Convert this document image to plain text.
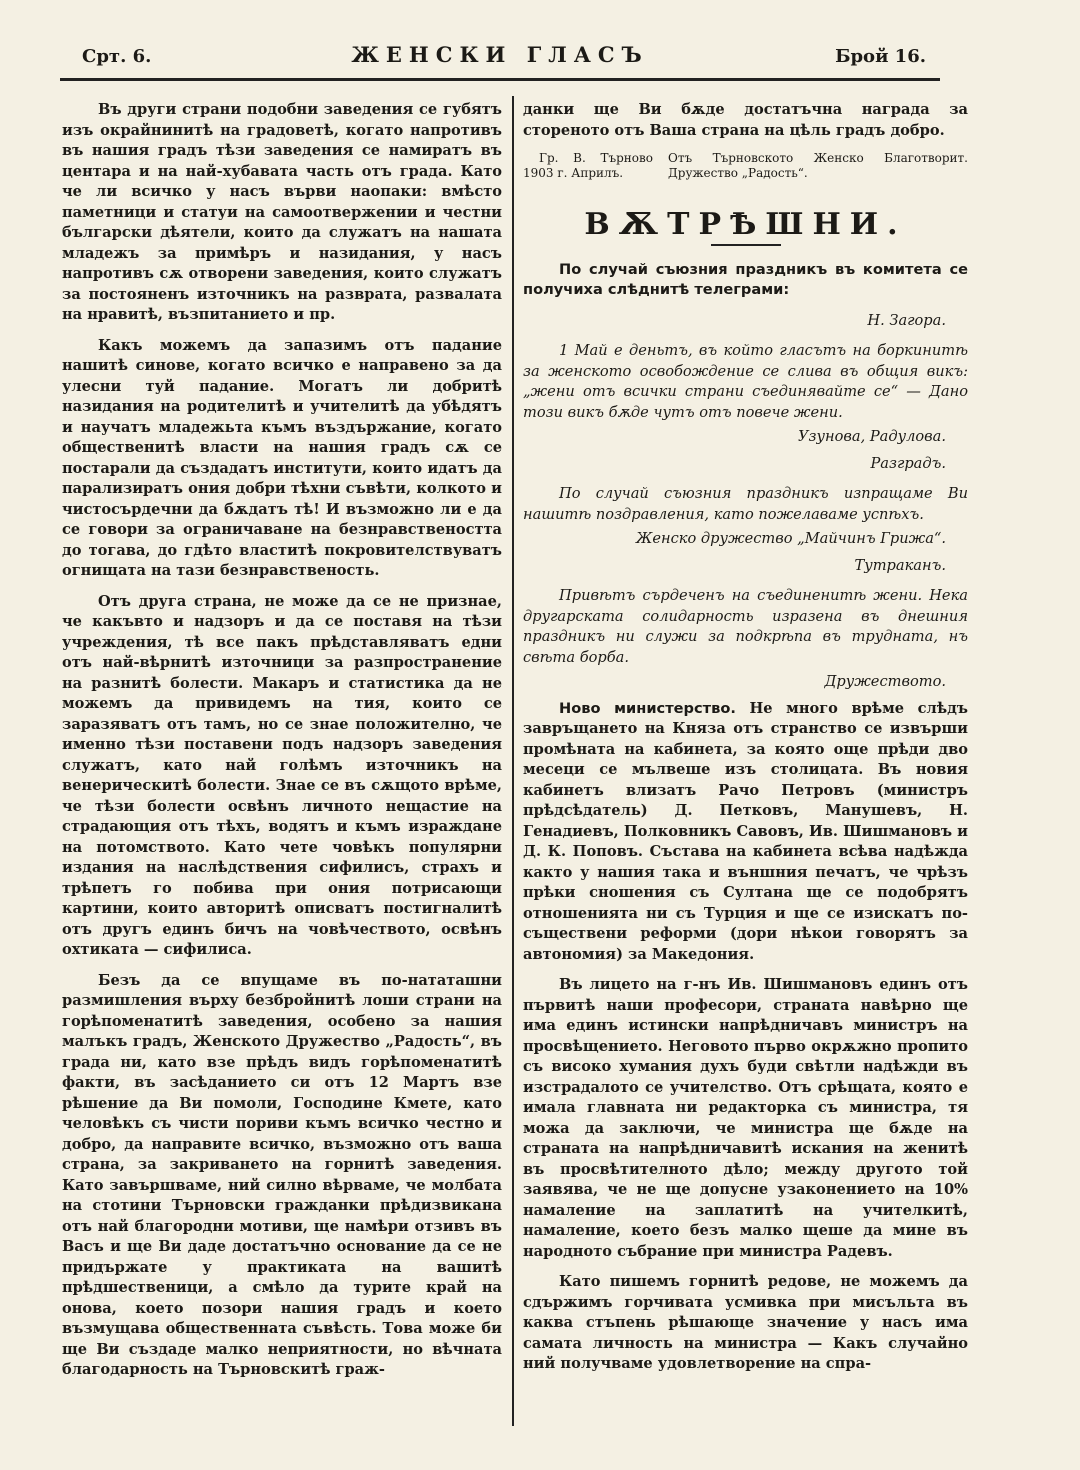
Срт. 6.	ЖЕНСКИ ГЛАСЪ	Брой 16.

Въ други страни подобни заведения се губятъ изъ окрайнинитѣ на градоветѣ, когато напротивъ въ нашия градъ тѣзи заведения се намиратъ въ центара и на най-хубавата часть отъ града. Като че ли всичко у насъ върви наопаки: вмѣсто паметници и статуи на самоотвержении и честни български дѣятели, които да служатъ на нашата младежъ за примѣръ и назидания, у насъ напротивъ сѫ отворени заведения, които служатъ за постояненъ източникъ на разврата, развалата на нравитѣ, възпитанието и пр.

Какъ можемъ да запазимъ отъ падание нашитѣ синове, когато всичко е направено за да улесни туй падание. Могатъ ли добритѣ назидания на родителитѣ и учителитѣ да убѣдятъ и научатъ младежьта къмъ въздържание, когато общественитѣ власти на нашия градъ сѫ се постарали да създадатъ институти, които идатъ да парализиратъ ония добри тѣхни съвѣти, колкото и чистосърдечни да бѫдатъ тѣ! И възможно ли е да се говори за ограничаване на безнравствеността до тогава, до гдѣто властитѣ покровителствуватъ огнищата на тази безнравственость.

Отъ друга страна, не може да се не признае, че какъвто и надзоръ и да се поставя на тѣзи учреждения, тѣ все пакъ прѣдставляватъ едни отъ най-вѣрнитѣ източници за разпространение на разнитѣ болести. Макаръ и статистика да не можемъ да привидемъ на тия, които се заразяватъ отъ тамъ, но се знае положително, че именно тѣзи поставени подъ надзоръ заведения служатъ, като най голѣмъ източникъ на венерическитѣ болести. Знае се въ сѫщото врѣме, че тѣзи болести освѣнъ личното нещастие на страдающия отъ тѣхъ, водятъ и къмъ израждане на потомството. Като чете човѣкъ популярни издания на наслѣдствения сифилисъ, страхъ и трѣпетъ го побива при ония потрисающи картини, които авторитѣ описватъ постигналитѣ отъ другъ единъ бичъ на човѣчеството, освѣнъ охтиката — сифилиса.

Безъ да се впущаме въ по-нататашни размишления върху безбройнитѣ лоши страни на горѣпоменатитѣ заведения, особено за нашия малъкъ градъ, Женското Дружество „Радость“, въ града ни, като взе прѣдъ видъ горѣпоменатитѣ факти, въ засѣданието си отъ 12 Мартъ взе рѣшение да Ви помоли, Господине Кмете, като человѣкъ съ чисти пориви къмъ всичко честно и добро, да направите всичко, възможно отъ ваша страна, за закриването на горнитѣ заведения. Като завършваме, ний силно вѣрваме, че молбата на стотини Търновски гражданки прѣдизвикана отъ най благородни мотиви, ще намѣри отзивъ въ Васъ и ще Ви даде достатъчно основание да се не придържате у практиката на вашитѣ прѣдшественици, а смѣло да турите край на онова, което позори нашия градъ и което възмущава общественната съвѣсть. Това може би ще Ви създаде малко неприятности, но вѣчната благодарность на Търновскитѣ граж-

данки ще Ви бѫде достатъчна награда за стореното отъ Ваша страна на цѣль градъ добро.

Гр. В. Търново 1903 г. Априлъ.
Отъ Търновското Женско Благотворит. Дружество „Радость“.
ВѪТРѢШНИ.

По случай съюзния праздникъ въ комитета се получиха слѣднитѣ телеграми:

Н. Загора.

1 Май е деньтъ, въ който гласътъ на боркинитѣ за женското освобождение се слива въ общия викъ: „жени отъ всички страни съединявайте се“ — Дано този викъ бѫде чутъ отъ повече жени.

Узунова, Радулова.

Разградъ.

По случай съюзния праздникъ изпращаме Ви нашитѣ поздравления, като пожелаваме успѣхъ.

Женско дружество „Майчинъ Грижа“.

Тутраканъ.

Привѣтъ сърдеченъ на съединенитѣ жени. Нека другарската солидарность изразена въ днешния праздникъ ни служи за подкрѣпа въ трудната, нъ свѣта борба.

Дружеството.

Ново министерство. Не много врѣме слѣдъ завръщането на Княза отъ странство се извърши промѣната на кабинета, за която още прѣди дво месеци се мълвеше изъ столицата. Въ новия кабинетъ влизатъ Рачо Петровъ (министръ прѣдсѣдатель) Д. Петковъ, Манушевъ, Н. Генадиевъ, Полковникъ Савовъ, Ив. Шишмановъ и Д. К. Поповъ. Състава на кабинета всѣва надѣжда както у нашия така и външния печатъ, че чрѣзъ прѣки сношения съ Султана ще се подобрятъ отношенията ни съ Турция и ще се изискатъ по-съществени реформи (дори нѣкои говорятъ за автономия) за Македония.

Въ лицето на г-нъ Ив. Шишмановъ единъ отъ първитѣ наши професори, страната навѣрно ще има единъ истински напрѣдничавъ министръ на просвѣщението. Неговото първо окрѫжно пропито съ високо хумания духъ буди свѣтли надѣжди въ изстрадалото се учителство. Отъ срѣщата, която е имала главната ни редакторка съ министра, тя можа да заключи, че министра ще бѫде на страната на напрѣдничавитѣ искания на женитѣ въ просвѣтителното дѣло; между другото той заявява, че не ще допусне узаконението на 10% намаление на заплатитѣ на учителкитѣ, намаление, което безъ малко щеше да мине въ народното събрание при министра Радевъ.

Като пишемъ горнитѣ редове, не можемъ да сдържимъ горчивата усмивка при мисъльта въ каква стъпень рѣшающе значение у насъ има самата личность на министра — Какъ случайно ний получваме удовлетворение на спра-
